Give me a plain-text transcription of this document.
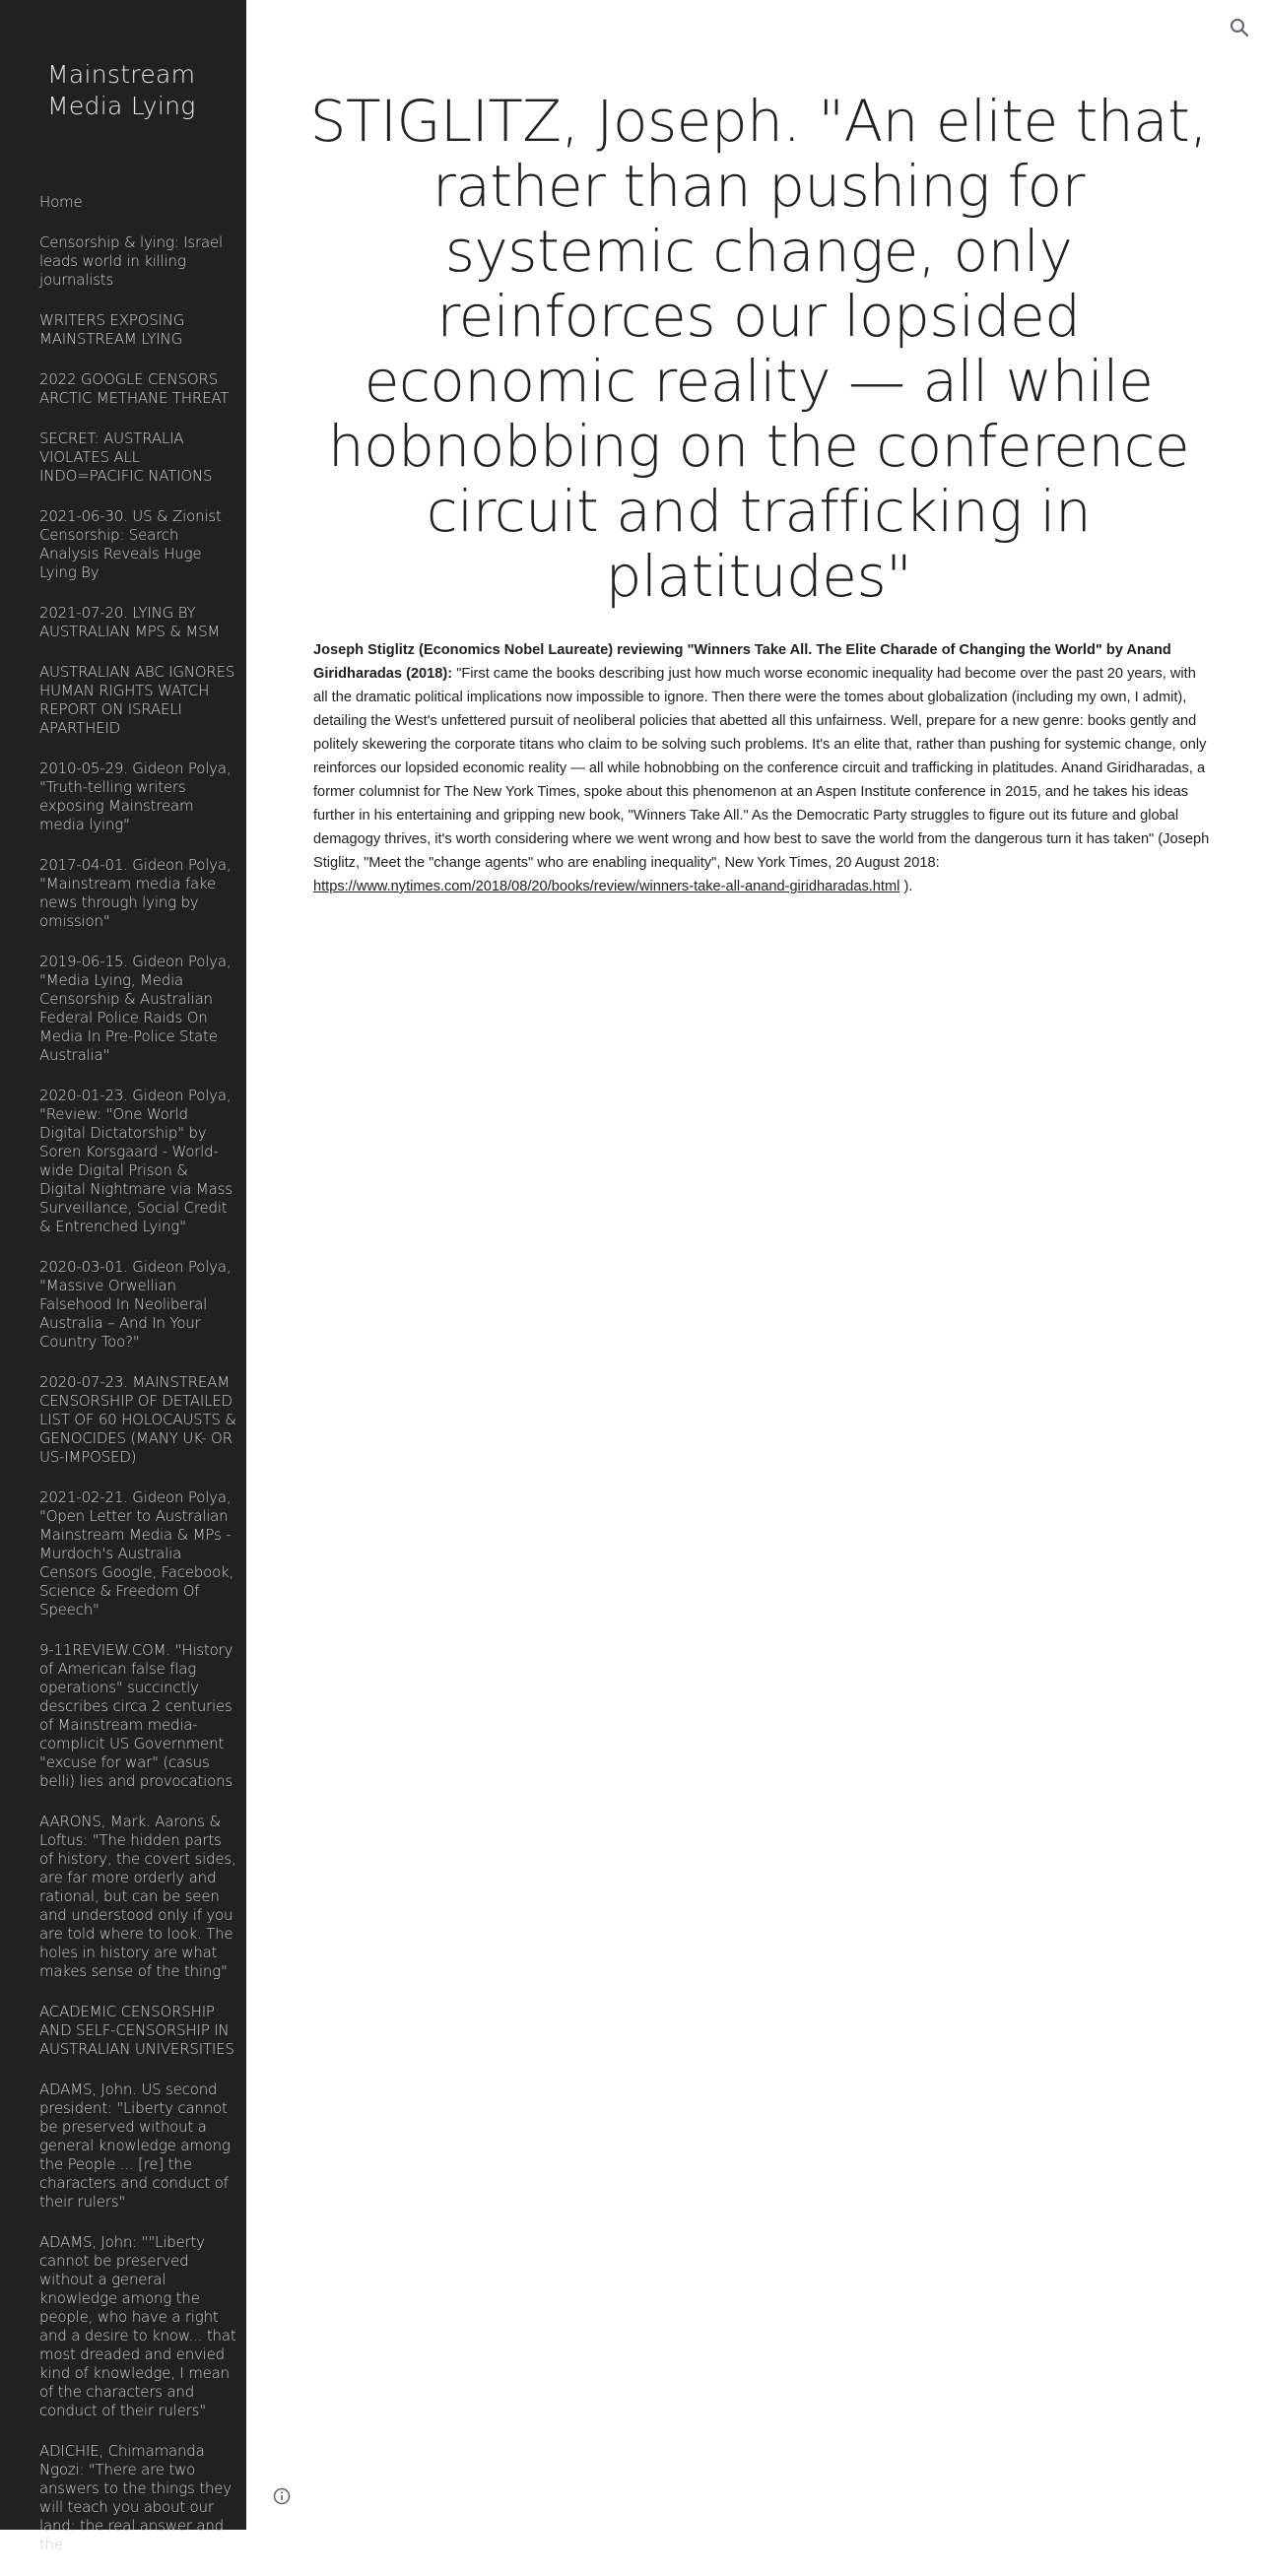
Mainstream Media Lying
Home
Censorship & lying: Israel leads world in killing journalists
WRITERS EXPOSING MAINSTREAM LYING
2022 GOOGLE CENSORS ARCTIC METHANE THREAT
SECRET: AUSTRALIA VIOLATES ALL INDO=PACIFIC NATIONS
2021-06-30. US & Zionist Censorship: Search Analysis Reveals Huge Lying By
2021-07-20. LYING BY AUSTRALIAN MPS & MSM
AUSTRALIAN ABC IGNORES HUMAN RIGHTS WATCH REPORT ON ISRAELI APARTHEID
2010-05-29. Gideon Polya, "Truth-telling writers exposing Mainstream media lying"
2017-04-01. Gideon Polya, "Mainstream media fake news through lying by omission"
2019-06-15. Gideon Polya, "Media Lying, Media Censorship & Australian Federal Police Raids On Media In Pre-Police State Australia"
2020-01-23. Gideon Polya, "Review: "One World Digital Dictatorship" by Soren Korsgaard - World-wide Digital Prison & Digital Nightmare via Mass Surveillance, Social Credit & Entrenched Lying"
2020-03-01. Gideon Polya, "Massive Orwellian Falsehood In Neoliberal Australia – And In Your Country Too?"
2020-07-23. MAINSTREAM CENSORSHIP OF DETAILED LIST OF 60 HOLOCAUSTS & GENOCIDES (MANY UK- OR US-IMPOSED)
2021-02-21. Gideon Polya, "Open Letter to Australian Mainstream Media & MPs - Murdoch's Australia Censors Google, Facebook, Science & Freedom Of Speech"
9-11REVIEW.COM. "History of American false flag operations" succinctly describes circa 2 centuries of Mainstream media-complicit US Government "excuse for war" (casus belli) lies and provocations
AARONS, Mark. Aarons & Loftus: "The hidden parts of history, the covert sides, are far more orderly and rational, but can be seen and understood only if you are told where to look. The holes in history are what makes sense of the thing"
ACADEMIC CENSORSHIP AND SELF-CENSORSHIP IN AUSTRALIAN UNIVERSITIES
ADAMS, John. US second president: "Liberty cannot be preserved without a general knowledge among the People ... [re] the characters and conduct of their rulers"
ADAMS, John: ""Liberty cannot be preserved without a general knowledge among the people, who have a right and a desire to know... that most dreaded and envied kind of knowledge, I mean of the characters and conduct of their rulers"
ADICHIE, Chimamanda Ngozi: "There are two answers to the things they will teach you about our land: the real answer and the
STIGLITZ, Joseph. "An elite that, rather than pushing for systemic change, only reinforces our lopsided economic reality — all while hobnobbing on the conference circuit and trafficking in platitudes"
Joseph Stiglitz (Economics Nobel Laureate) reviewing "Winners Take All. The Elite Charade of Changing the World" by Anand Giridharadas (2018): "First came the books describing just how much worse economic inequality had become over the past 20 years, with all the dramatic political implications now impossible to ignore. Then there were the tomes about globalization (including my own, I admit), detailing the West's unfettered pursuit of neoliberal policies that abetted all this unfairness. Well, prepare for a new genre: books gently and politely skewering the corporate titans who claim to be solving such problems. It's an elite that, rather than pushing for systemic change, only reinforces our lopsided economic reality — all while hobnobbing on the conference circuit and trafficking in platitudes. Anand Giridharadas, a former columnist for The New York Times, spoke about this phenomenon at an Aspen Institute conference in 2015, and he takes his ideas further in his entertaining and gripping new book, "Winners Take All." As the Democratic Party struggles to figure out its future and global demagogy thrives, it's worth considering where we went wrong and how best to save the world from the dangerous turn it has taken" (Joseph Stiglitz, "Meet the "change agents" who are enabling inequality", New York Times, 20 August 2018: https://www.nytimes.com/2018/08/20/books/review/winners-take-all-anand-giridharadas.html ).
